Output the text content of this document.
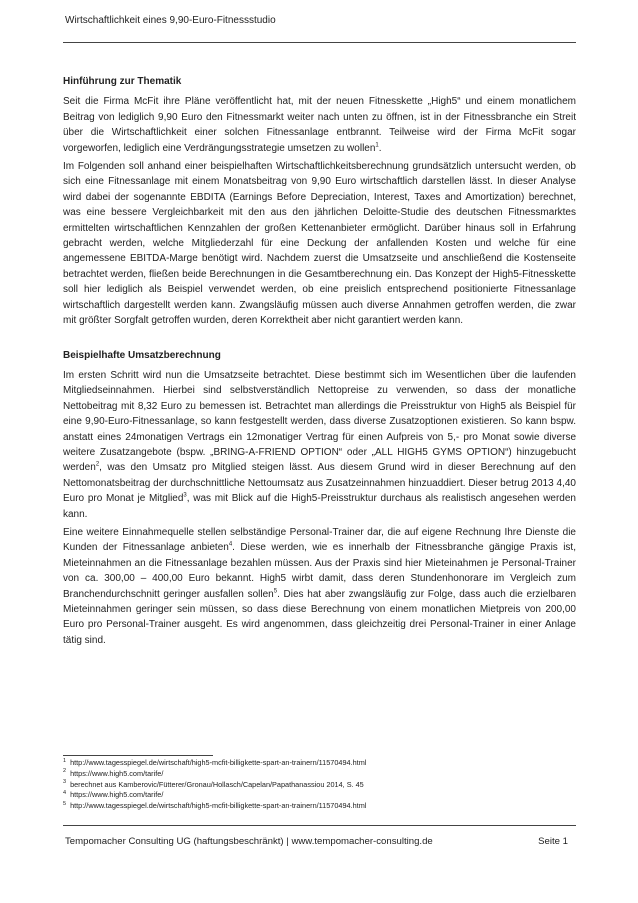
Wirtschaftlichkeit eines 9,90-Euro-Fitnessstudio
Hinführung zur Thematik

Seit die Firma McFit ihre Pläne veröffentlicht hat, mit der neuen Fitnesskette „High5“ und einem monatlichem Beitrag von lediglich 9,90 Euro den Fitnessmarkt weiter nach unten zu öffnen, ist in der Fitnessbranche ein Streit über die Wirtschaftlichkeit einer solchen Fitnessanlage entbrannt. Teilweise wird der Firma McFit sogar vorgeworfen, lediglich eine Verdrängungsstrategie umsetzen zu wollen$^1$.

Im Folgenden soll anhand einer beispielhaften Wirtschaftlichkeitsberechnung grundsätzlich untersucht werden, ob sich eine Fitnessanlage mit einem Monatsbeitrag von 9,90 Euro wirtschaftlich darstellen lässt. In dieser Analyse wird dabei der sogenannte EBDITA (Earnings Before Depreciation, Interest, Taxes and Amortization) berechnet, was eine bessere Vergleichbarkeit mit den aus den jährlichen Deloitte-Studie des deutschen Fitnessmarktes ermittelten wirtschaftlichen Kennzahlen der großen Kettenanbieter ermöglicht. Darüber hinaus soll in Erfahrung gebracht werden, welche Mitgliederzahl für eine Deckung der anfallenden Kosten und welche für eine angemessene EBITDA-Marge benötigt wird. Nachdem zuerst die Umsatzseite und anschließend die Kostenseite betrachtet werden, fließen beide Berechnungen in die Gesamtberechnung ein. Das Konzept der High5-Fitnesskette soll hier lediglich als Beispiel verwendet werden, ob eine preislich entsprechend positionierte Fitnessanlage wirtschaftlich dargestellt werden kann. Zwangsläufig müssen auch diverse Annahmen getroffen werden, die zwar mit größter Sorgfalt getroffen wurden, deren Korrektheit aber nicht garantiert werden kann.

Beispielhafte Umsatzberechnung

Im ersten Schritt wird nun die Umsatzseite betrachtet. Diese bestimmt sich im Wesentlichen über die laufenden Mitgliedseinnahmen. Hierbei sind selbstverständlich Nettopreise zu verwenden, so dass der monatliche Nettobeitrag mit 8,32 Euro zu bemessen ist. Betrachtet man allerdings die Preisstruktur von High5 als Beispiel für eine 9,90-Euro-Fitnessanlage, so kann festgestellt werden, dass diverse Zusatzoptionen existieren. So kann bspw. anstatt eines 24monatigen Vertrags ein 12monatiger Vertrag für einen Aufpreis von 5,- pro Monat sowie diverse weitere Zusatzangebote (bspw. „BRING-A-FRIEND OPTION“ oder „ALL HIGH5 GYMS OPTION“) hinzugebucht werden$^2$, was den Umsatz pro Mitglied steigen lässt. Aus diesem Grund wird in dieser Berechnung auf den Nettomonatsbeitrag der durchschnittliche Nettoumsatz aus Zusatzeinnahmen hinzuaddiert. Dieser betrug 2013 4,40 Euro pro Monat je Mitglied$^3$, was mit Blick auf die High5-Preisstruktur durchaus als realistisch angesehen werden kann.

Eine weitere Einnahmequelle stellen selbständige Personal-Trainer dar, die auf eigene Rechnung Ihre Dienste die Kunden der Fitnessanlage anbieten$^4$. Diese werden, wie es innerhalb der Fitnessbranche gängige Praxis ist, Mieteinnahmen an die Fitnessanlage bezahlen müssen. Aus der Praxis sind hier Mieteinahmen je Personal-Trainer von ca. 300,00 – 400,00 Euro bekannt. High5 wirbt damit, dass deren Stundenhonorare im Vergleich zum Branchendurchschnitt geringer ausfallen sollen$^5$. Dies hat aber zwangsläufig zur Folge, dass auch die erzielbaren Mieteinnahmen geringer sein müssen, so dass diese Berechnung von einem monatlichen Mietpreis von 200,00 Euro pro Personal-Trainer ausgeht. Es wird angenommen, dass gleichzeitig drei Personal-Trainer in einer Anlage tätig sind.

$^1$ http://www.tagesspiegel.de/wirtschaft/high5-mcfit-billigkette-spart-an-trainern/11570494.html
$^2$ https://www.high5.com/tarife/
$^3$ berechnet aus Kamberovic/Fütterer/Gronau/Hollasch/Capelan/Papathanassiou 2014, S. 45
$^4$ https://www.high5.com/tarife/
$^5$ http://www.tagesspiegel.de/wirtschaft/high5-mcfit-billigkette-spart-an-trainern/11570494.html
Tempomacher Consulting UG (haftungsbeschränkt) | www.tempomacher-consulting.de	Seite 1
